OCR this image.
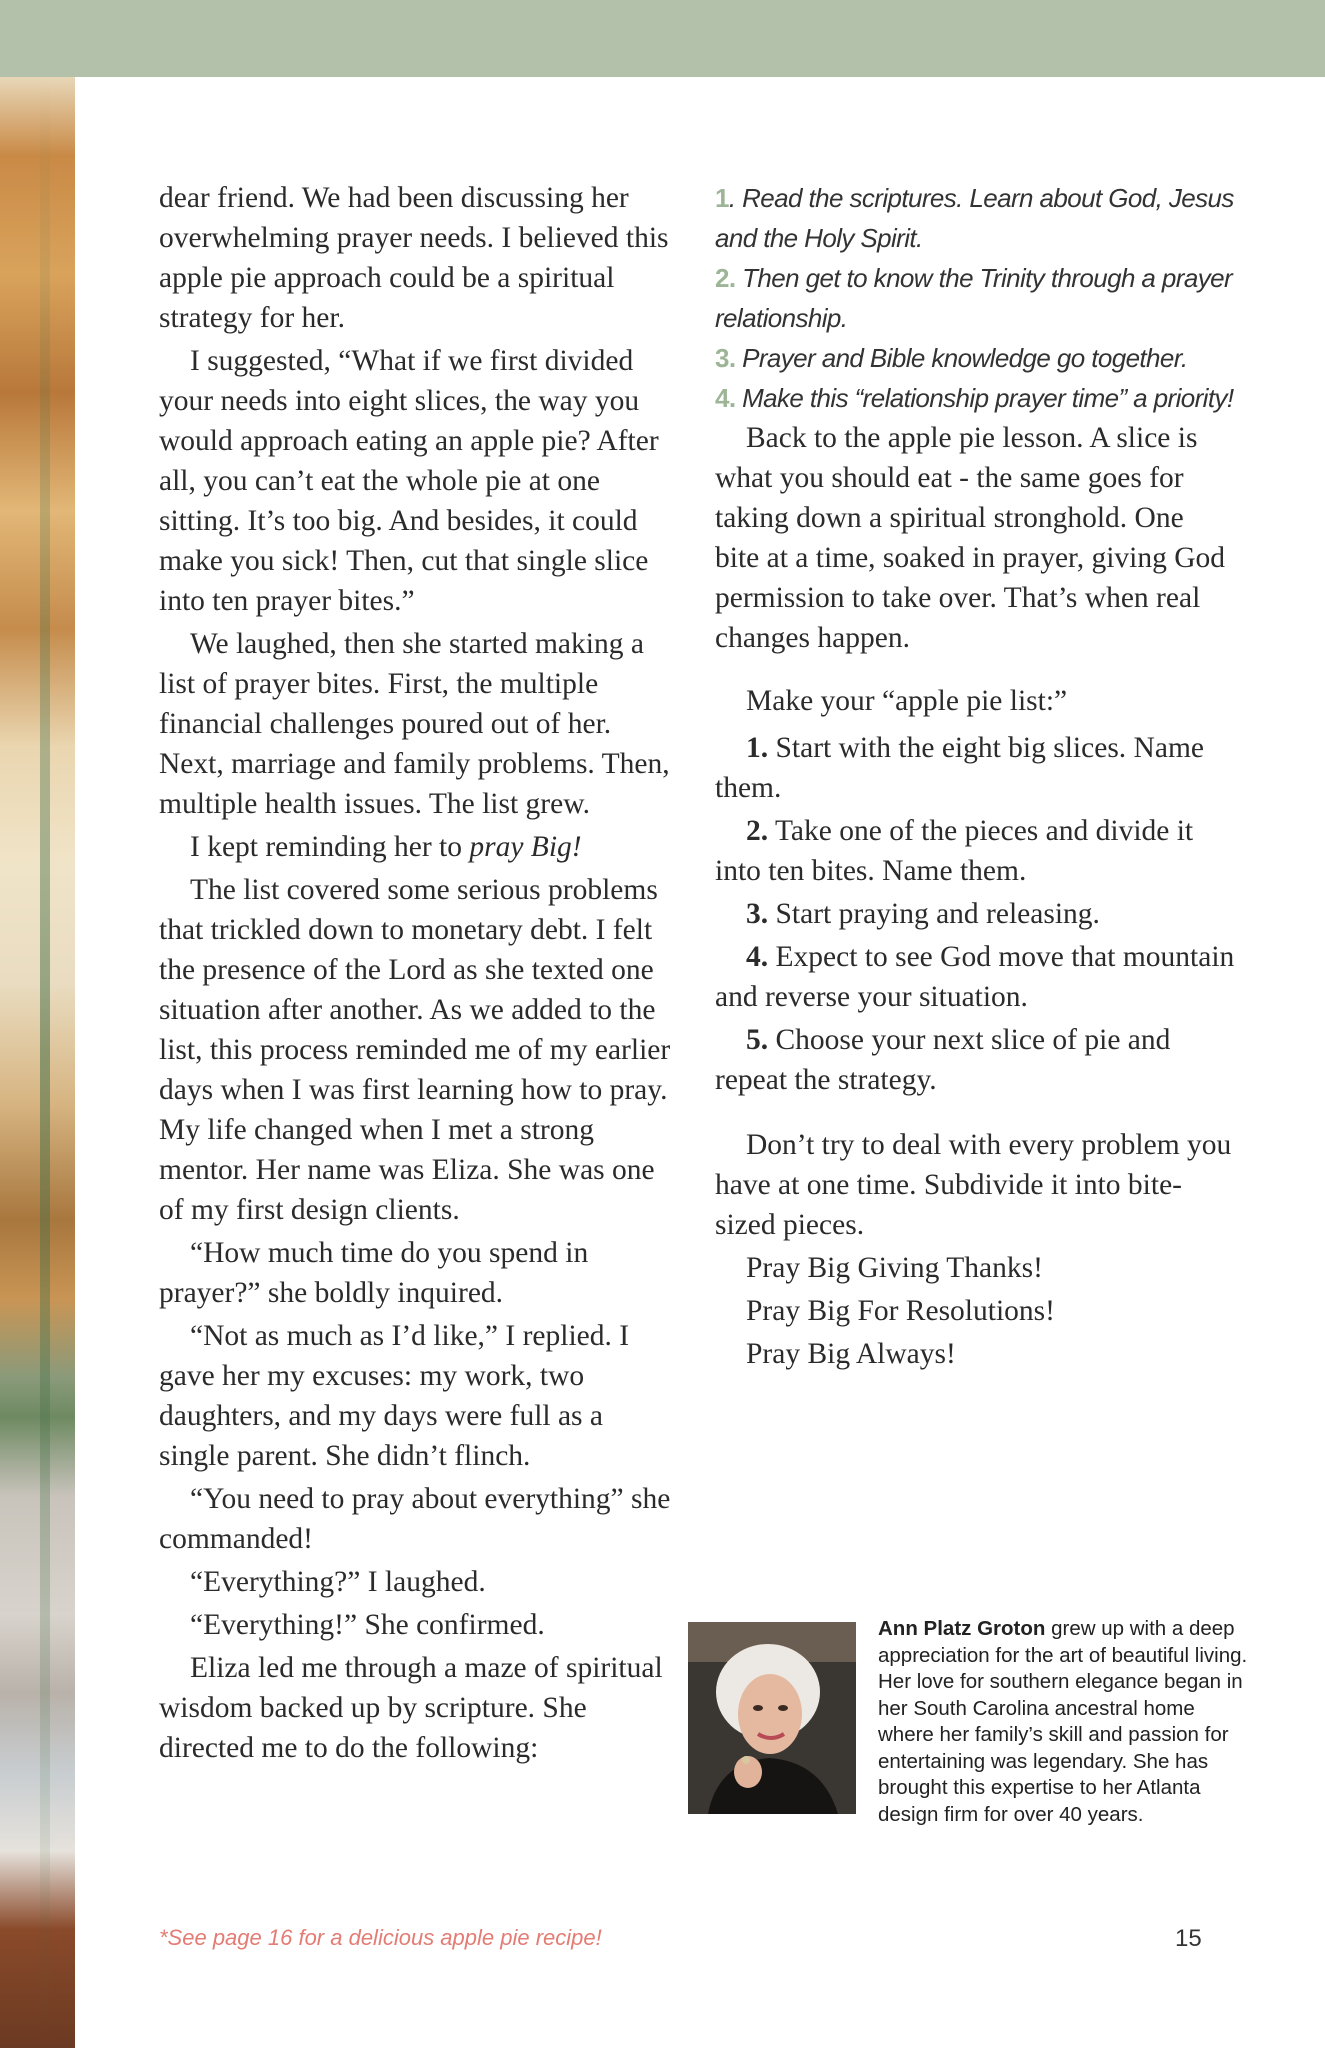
dear friend. We had been discussing her overwhelming prayer needs. I believed this apple pie approach could be a spiritual strategy for her.

I suggested, “What if we first divided your needs into eight slices, the way you would approach eating an apple pie? After all, you can’t eat the whole pie at one sitting. It’s too big. And besides, it could make you sick! Then, cut that single slice into ten prayer bites.”

We laughed, then she started making a list of prayer bites. First, the multiple financial challenges poured out of her. Next, marriage and family problems. Then, multiple health issues. The list grew.

I kept reminding her to pray Big!

The list covered some serious problems that trickled down to monetary debt. I felt the presence of the Lord as she texted one situation after another. As we added to the list, this process reminded me of my earlier days when I was first learning how to pray. My life changed when I met a strong mentor. Her name was Eliza. She was one of my first design clients.

“How much time do you spend in prayer?” she boldly inquired.

“Not as much as I’d like,” I replied. I gave her my excuses: my work, two daughters, and my days were full as a single parent. She didn’t flinch.

“You need to pray about everything” she commanded!

“Everything?” I laughed.

“Everything!” She confirmed.

Eliza led me through a maze of spiritual wisdom backed up by scripture. She directed me to do the following:

1. Read the scriptures. Learn about God, Jesus and the Holy Spirit.
2. Then get to know the Trinity through a prayer relationship.
3. Prayer and Bible knowledge go together.
4. Make this “relationship prayer time” a priority!

Back to the apple pie lesson. A slice is what you should eat - the same goes for taking down a spiritual stronghold. One bite at a time, soaked in prayer, giving God permission to take over. That’s when real changes happen.

Make your “apple pie list:”

1. Start with the eight big slices. Name them.

2. Take one of the pieces and divide it into ten bites. Name them.

3. Start praying and releasing.

4. Expect to see God move that mountain and reverse your situation.

5. Choose your next slice of pie and repeat the strategy.

Don’t try to deal with every problem you have at one time. Subdivide it into bite-sized pieces.

Pray Big Giving Thanks!

Pray Big For Resolutions!

Pray Big Always!

Ann Platz Groton grew up with a deep appreciation for the art of beautiful living. Her love for southern elegance began in her South Carolina ancestral home where her family’s skill and passion for entertaining was legendary. She has brought this expertise to her Atlanta design firm for over 40 years.
*See page 16 for a delicious apple pie recipe!	15
